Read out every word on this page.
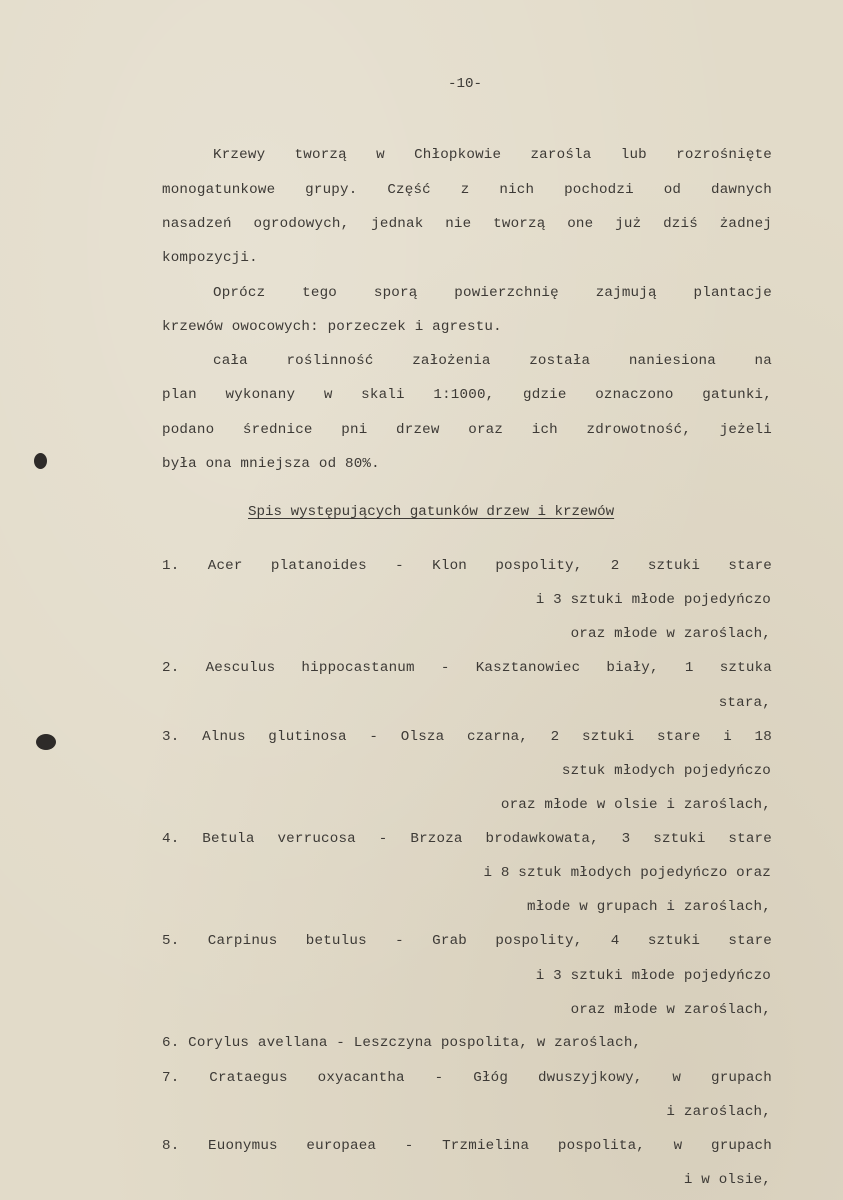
-10-
Krzewy tworzą w Chłopkowie zarośla lub rozrośnięte
monogatunkowe grupy. Część z nich pochodzi od dawnych
nasadzeń ogrodowych, jednak nie tworzą one już dziś żadnej
kompozycji.
Oprócz tego sporą powierzchnię zajmują plantacje
krzewów owocowych: porzeczek i agrestu.
cała roślinność założenia została naniesiona na
plan wykonany w skali 1:1000, gdzie oznaczono gatunki,
podano średnice pni drzew oraz ich zdrowotność, jeżeli
była ona mniejsza od 80%.
Spis występujących gatunków drzew i krzewów
1. Acer platanoides - Klon pospolity, 2 sztuki stare
i 3 sztuki młode pojedyńczo
oraz młode w zaroślach,
2. Aesculus hippocastanum - Kasztanowiec biały, 1 sztuka
stara,
3. Alnus glutinosa - Olsza czarna, 2 sztuki stare i 18
sztuk młodych pojedyńczo
oraz młode w olsie i zaroślach,
4. Betula verrucosa - Brzoza brodawkowata, 3 sztuki stare
i 8 sztuk młodych pojedyńczo oraz
młode w grupach i zaroślach,
5. Carpinus betulus - Grab pospolity, 4 sztuki stare
i 3 sztuki młode pojedyńczo
oraz młode w zaroślach,
6. Corylus avellana - Leszczyna pospolita, w zaroślach,
7. Crataegus oxyacantha - Głóg dwuszyjkowy, w grupach
i zaroślach,
8. Euonymus europaea - Trzmielina pospolita, w grupach
i w olsie,
